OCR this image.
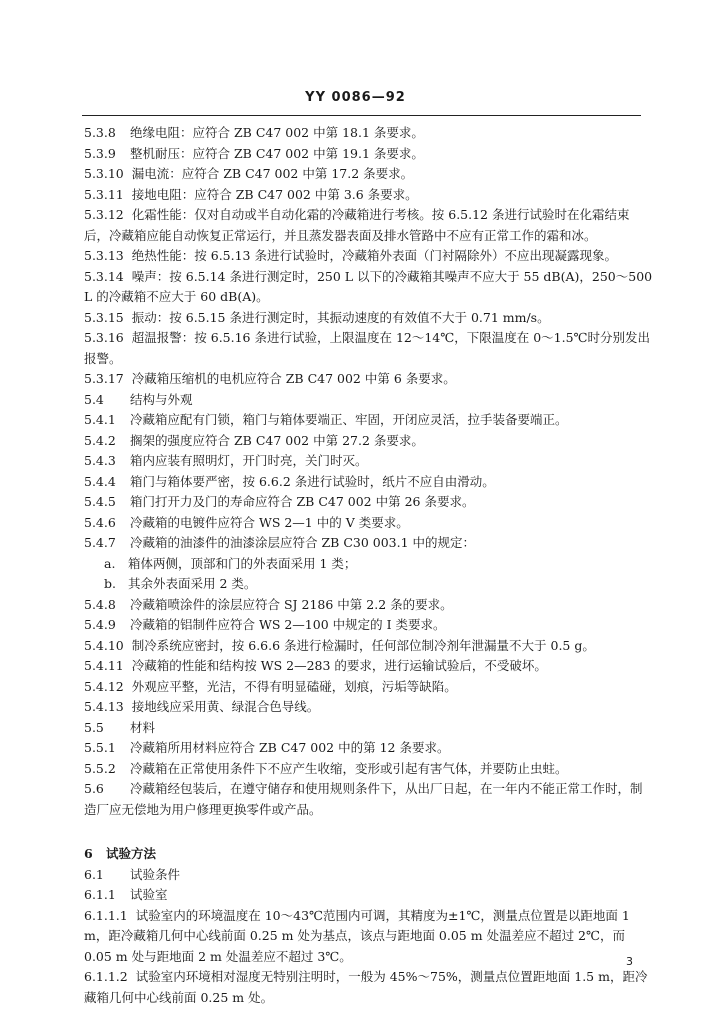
YY 0086—92
5.3.8 绝缘电阻：应符合 ZB C47 002 中第 18.1 条要求。
5.3.9 整机耐压：应符合 ZB C47 002 中第 19.1 条要求。
5.3.10 漏电流：应符合 ZB C47 002 中第 17.2 条要求。
5.3.11 接地电阻：应符合 ZB C47 002 中第 3.6 条要求。
5.3.12 化霜性能：仅对自动或半自动化霜的冷藏箱进行考核。按 6.5.12 条进行试验时在化霜结束后，冷藏箱应能自动恢复正常运行，并且蒸发器表面及排水管路中不应有正常工作的霜和冰。
5.3.13 绝热性能：按 6.5.13 条进行试验时，冷藏箱外表面（门衬隔除外）不应出现凝露现象。
5.3.14 噪声：按 6.5.14 条进行测定时，250 L 以下的冷藏箱其噪声不应大于 55 dB(A)，250～500 L 的冷藏箱不应大于 60 dB(A)。
5.3.15 振动：按 6.5.15 条进行测定时，其振动速度的有效值不大于 0.71 mm/s。
5.3.16 超温报警：按 6.5.16 条进行试验，上限温度在 12～14℃，下限温度在 0～1.5℃时分别发出报警。
5.3.17 冷藏箱压缩机的电机应符合 ZB C47 002 中第 6 条要求。
5.4 结构与外观
5.4.1 冷藏箱应配有门锁，箱门与箱体要端正、牢固，开闭应灵活，拉手装备要端正。
5.4.2 搁架的强度应符合 ZB C47 002 中第 27.2 条要求。
5.4.3 箱内应装有照明灯，开门时亮，关门时灭。
5.4.4 箱门与箱体要严密，按 6.6.2 条进行试验时，纸片不应自由滑动。
5.4.5 箱门打开力及门的寿命应符合 ZB C47 002 中第 26 条要求。
5.4.6 冷藏箱的电镀件应符合 WS 2—1 中的 V 类要求。
5.4.7 冷藏箱的油漆件的油漆涂层应符合 ZB C30 003.1 中的规定：
a. 箱体两侧，顶部和门的外表面采用 1 类；
b. 其余外表面采用 2 类。
5.4.8 冷藏箱喷涂件的涂层应符合 SJ 2186 中第 2.2 条的要求。
5.4.9 冷藏箱的铝制件应符合 WS 2—100 中规定的 I 类要求。
5.4.10 制冷系统应密封，按 6.6.6 条进行检漏时，任何部位制冷剂年泄漏量不大于 0.5 g。
5.4.11 冷藏箱的性能和结构按 WS 2—283 的要求，进行运输试验后，不受破坏。
5.4.12 外观应平整，光洁，不得有明显磕碰，划痕，污垢等缺陷。
5.4.13 接地线应采用黄、绿混合色导线。
5.5 材料
5.5.1 冷藏箱所用材料应符合 ZB C47 002 中的第 12 条要求。
5.5.2 冷藏箱在正常使用条件下不应产生收缩，变形或引起有害气体，并要防止虫蛀。
5.6 冷藏箱经包装后，在遵守储存和使用规则条件下，从出厂日起，在一年内不能正常工作时，制造厂应无偿地为用户修理更换零件或产品。
6 试验方法
6.1 试验条件
6.1.1 试验室
6.1.1.1 试验室内的环境温度在 10～43℃范围内可调，其精度为±1℃，测量点位置是以距地面 1 m，距冷藏箱几何中心线前面 0.25 m 处为基点，该点与距地面 0.05 m 处温差应不超过 2℃，而 0.05 m 处与距地面 2 m 处温差应不超过 3℃。
6.1.1.2 试验室内环境相对湿度无特别注明时，一般为 45%～75%，测量点位置距地面 1.5 m，距冷藏箱几何中心线前面 0.25 m 处。
3
